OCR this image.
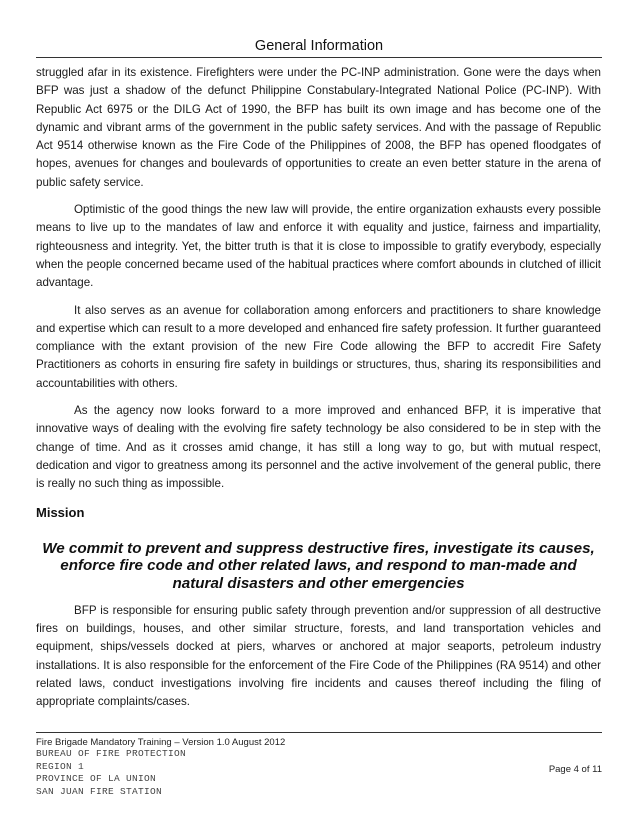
General Information

struggled afar in its existence. Firefighters were under the PC-INP administration. Gone were the days when BFP was just a shadow of the defunct Philippine Constabulary-Integrated National Police (PC-INP). With Republic Act 6975 or the DILG Act of 1990, the BFP has built its own image and has become one of the dynamic and vibrant arms of the government in the public safety services. And with the passage of Republic Act 9514 otherwise known as the Fire Code of the Philippines of 2008, the BFP has opened floodgates of hopes, avenues for changes and boulevards of opportunities to create an even better stature in the arena of public safety service.

Optimistic of the good things the new law will provide, the entire organization exhausts every possible means to live up to the mandates of law and enforce it with equality and justice, fairness and impartiality, righteousness and integrity. Yet, the bitter truth is that it is close to impossible to gratify everybody, especially when the people concerned became used of the habitual practices where comfort abounds in clutched of illicit advantage.

It also serves as an avenue for collaboration among enforcers and practitioners to share knowledge and expertise which can result to a more developed and enhanced fire safety profession. It further guaranteed compliance with the extant provision of the new Fire Code allowing the BFP to accredit Fire Safety Practitioners as cohorts in ensuring fire safety in buildings or structures, thus, sharing its responsibilities and accountabilities with others.

As the agency now looks forward to a more improved and enhanced BFP, it is imperative that innovative ways of dealing with the evolving fire safety technology be also considered to be in step with the change of time. And as it crosses amid change, it has still a long way to go, but with mutual respect, dedication and vigor to greatness among its personnel and the active involvement of the general public, there is really no such thing as impossible.

Mission
We commit to prevent and suppress destructive fires, investigate its causes, enforce fire code and other related laws, and respond to man-made and natural disasters and other emergencies

BFP is responsible for ensuring public safety through prevention and/or suppression of all destructive fires on buildings, houses, and other similar structure, forests, and land transportation vehicles and equipment, ships/vessels docked at piers, wharves or anchored at major seaports, petroleum industry installations. It is also responsible for the enforcement of the Fire Code of the Philippines (RA 9514) and other related laws, conduct investigations involving fire incidents and causes thereof including the filing of appropriate complaints/cases.

Fire Brigade Mandatory Training – Version 1.0 August 2012
BUREAU OF FIRE PROTECTION
REGION 1
PROVINCE OF LA UNION
SAN JUAN FIRE STATION
Page 4 of 11
